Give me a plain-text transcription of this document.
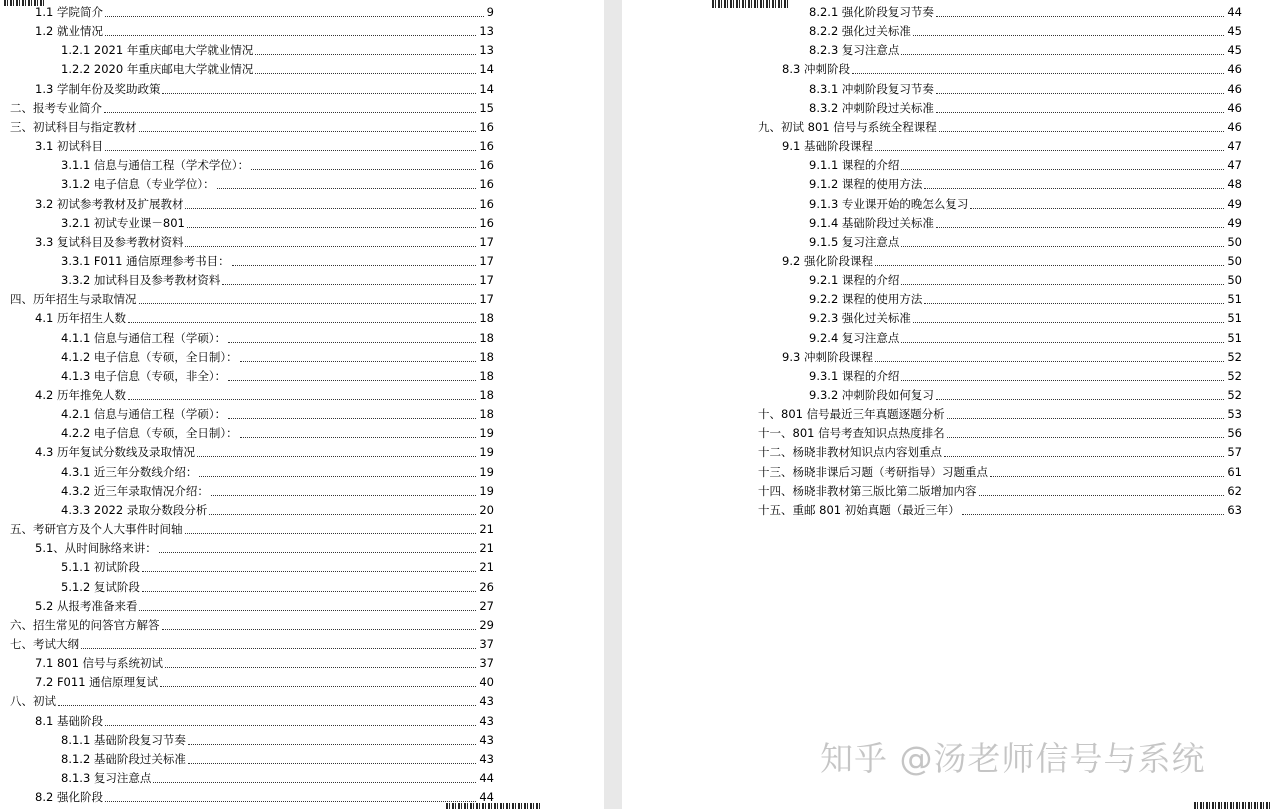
1.1 学院简介	9
1.2 就业情况	13
1.2.1 2021 年重庆邮电大学就业情况	13
1.2.2 2020 年重庆邮电大学就业情况	14
1.3 学制年份及奖助政策	14
二、报考专业简介	15
三、初试科目与指定教材	16
3.1 初试科目	16
3.1.1 信息与通信工程（学术学位）：	16
3.1.2 电子信息（专业学位）：	16
3.2 初试参考教材及扩展教材	16
3.2.1 初试专业课－801	16
3.3 复试科目及参考教材资料	17
3.3.1 F011 通信原理参考书目：	17
3.3.2 加试科目及参考教材资料	17
四、历年招生与录取情况	17
4.1 历年招生人数	18
4.1.1 信息与通信工程（学硕）：	18
4.1.2 电子信息（专硕，全日制）：	18
4.1.3 电子信息（专硕，非全）：	18
4.2 历年推免人数	18
4.2.1 信息与通信工程（学硕）：	18
4.2.2 电子信息（专硕，全日制）：	19
4.3 历年复试分数线及录取情况	19
4.3.1 近三年分数线介绍：	19
4.3.2 近三年录取情况介绍：	19
4.3.3 2022 录取分数段分析	20
五、考研官方及个人大事件时间轴	21
5.1、从时间脉络来讲：	21
5.1.1 初试阶段	21
5.1.2 复试阶段	26
5.2 从报考准备来看	27
六、招生常见的问答官方解答	29
七、考试大纲	37
7.1 801 信号与系统初试	37
7.2 F011 通信原理复试	40
八、初试	43
8.1 基础阶段	43
8.1.1 基础阶段复习节奏	43
8.1.2 基础阶段过关标准	43
8.1.3 复习注意点	44
8.2 强化阶段	44
8.2.1 强化阶段复习节奏	44
8.2.2 强化过关标准	45
8.2.3 复习注意点	45
8.3 冲刺阶段	46
8.3.1 冲刺阶段复习节奏	46
8.3.2 冲刺阶段过关标准	46
九、初试 801 信号与系统全程课程	46
9.1 基础阶段课程	47
9.1.1 课程的介绍	47
9.1.2 课程的使用方法	48
9.1.3 专业课开始的晚怎么复习	49
9.1.4 基础阶段过关标准	49
9.1.5 复习注意点	50
9.2 强化阶段课程	50
9.2.1 课程的介绍	50
9.2.2 课程的使用方法	51
9.2.3 强化过关标准	51
9.2.4 复习注意点	51
9.3 冲刺阶段课程	52
9.3.1 课程的介绍	52
9.3.2 冲刺阶段如何复习	52
十、801 信号最近三年真题逐题分析	53
十一、801 信号考查知识点热度排名	56
十二、杨晓非教材知识点内容划重点	57
十三、杨晓非课后习题（考研指导）习题重点	61
十四、杨晓非教材第三版比第二版增加内容	62
十五、重邮 801 初始真题（最近三年）	63
知乎 @汤老师信号与系统
